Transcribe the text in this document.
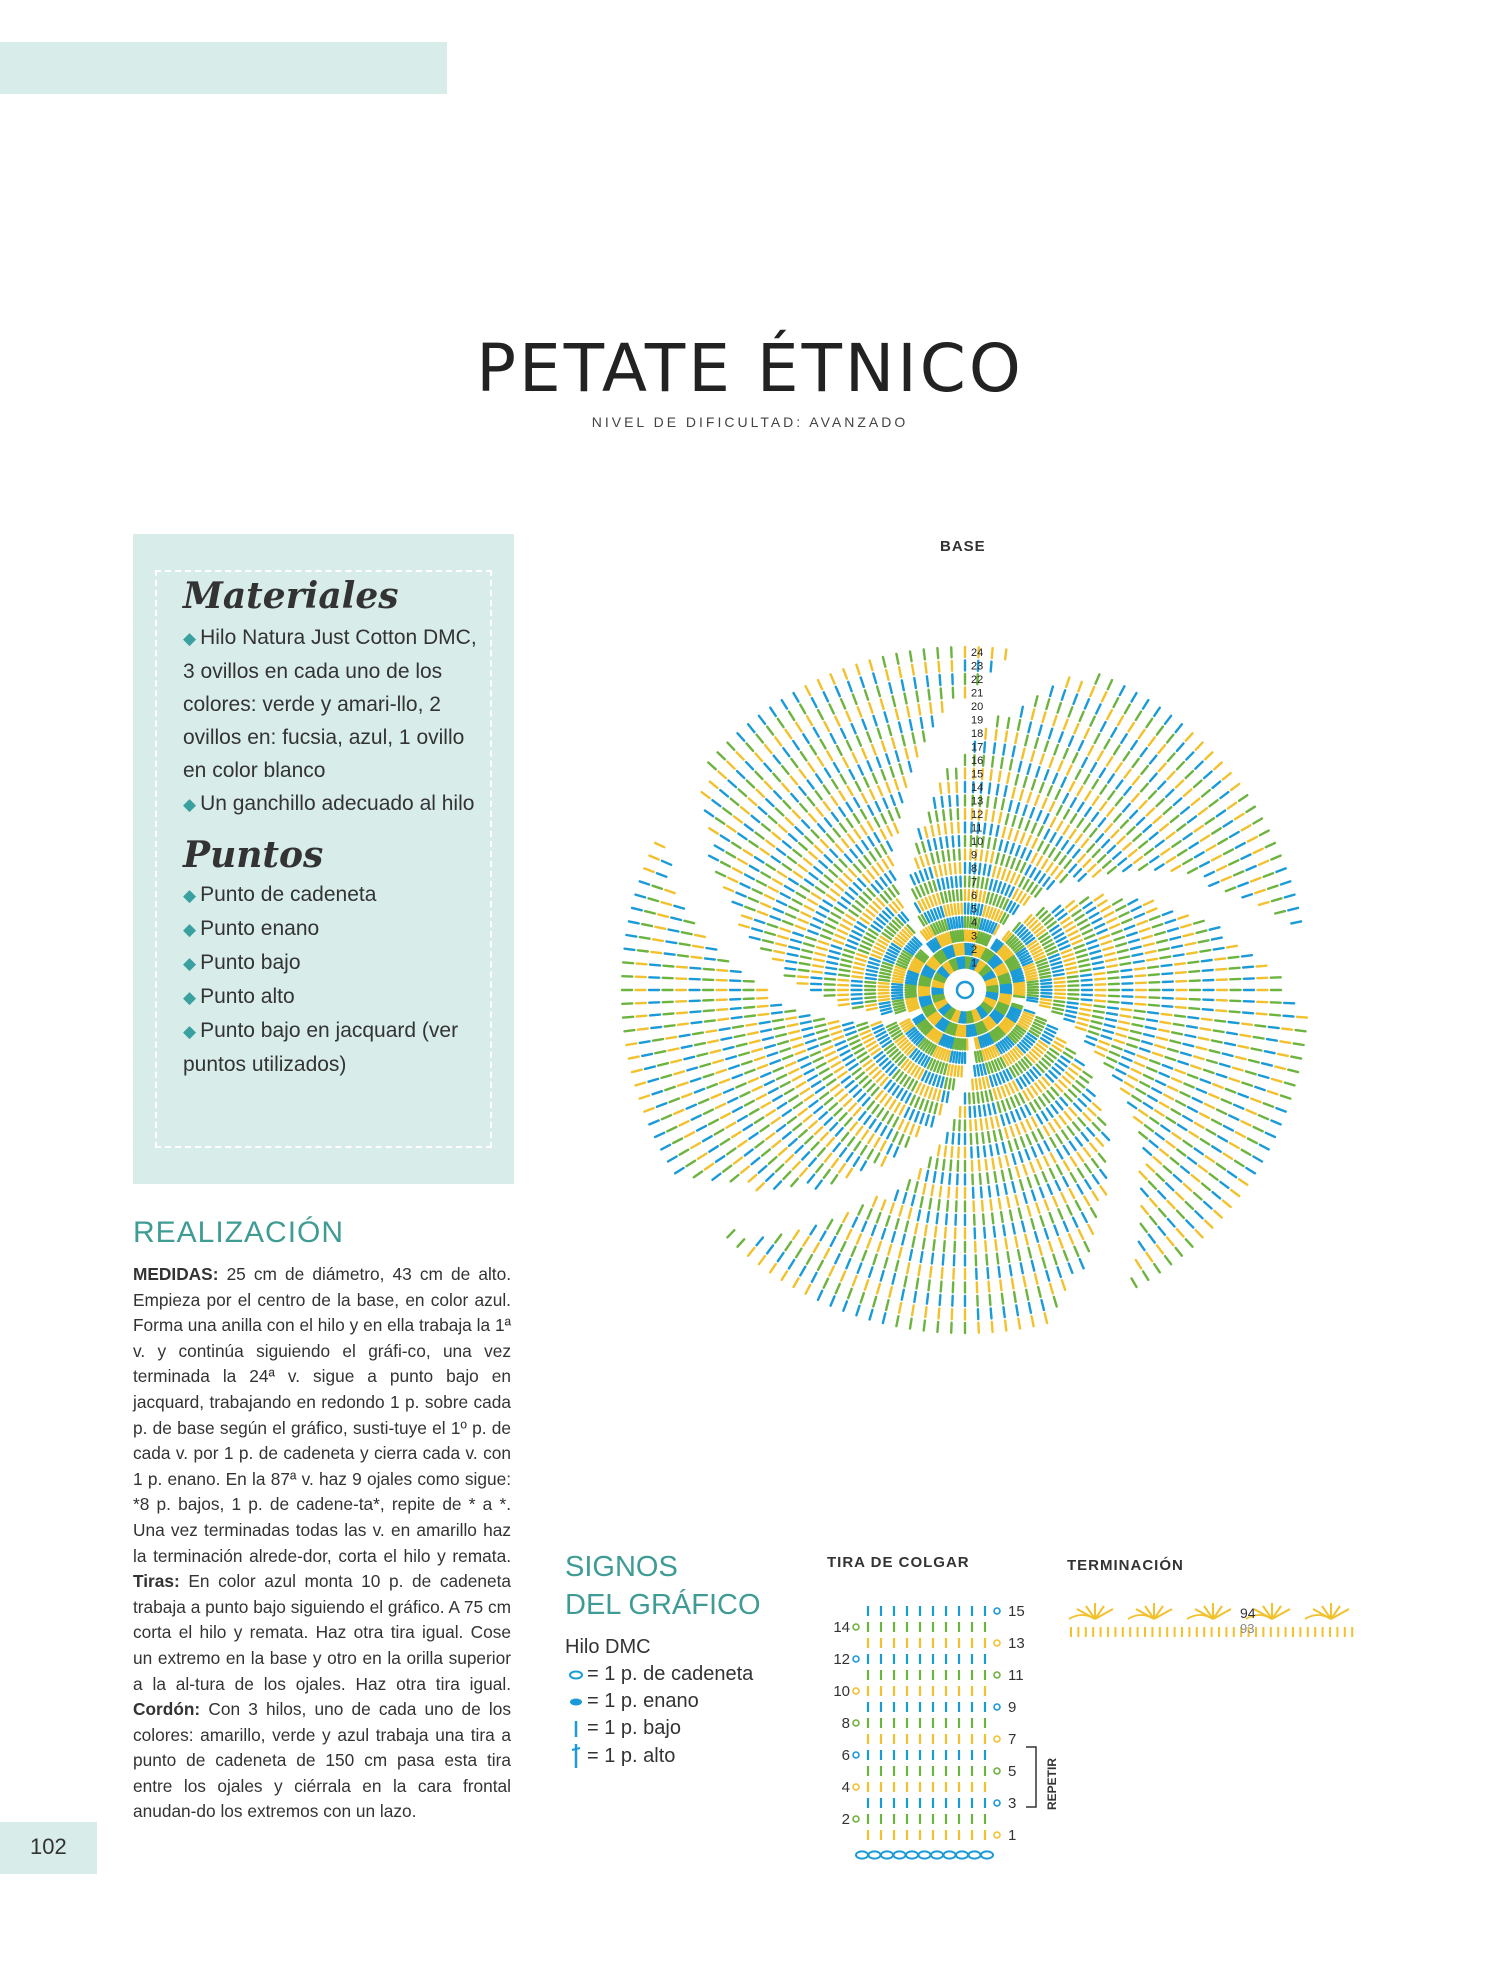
PETATE ÉTNICO
NIVEL DE DIFICULTAD: AVANZADO
Materiales
◆ Hilo Natura Just Cotton DMC, 3 ovillos en cada uno de los colores: verde y amari-llo, 2 ovillos en: fucsia, azul, 1 ovillo en color blanco
◆ Un ganchillo adecuado al hilo
Puntos
◆ Punto de cadeneta
◆ Punto enano
◆ Punto bajo
◆ Punto alto
◆ Punto bajo en jacquard (ver puntos utilizados)
REALIZACIÓN
MEDIDAS: 25 cm de diámetro, 43 cm de alto. Empieza por el centro de la base, en color azul. Forma una anilla con el hilo y en ella trabaja la 1ª v. y continúa siguiendo el gráfi-co, una vez terminada la 24ª v. sigue a punto bajo en jacquard, trabajando en redondo 1 p. sobre cada p. de base según el gráfico, susti-tuye el 1º p. de cada v. por 1 p. de cadeneta y cierra cada v. con 1 p. enano. En la 87ª v. haz 9 ojales como sigue: *8 p. bajos, 1 p. de cadene-ta*, repite de * a *. Una vez terminadas todas las v. en amarillo haz la terminación alrede-dor, corta el hilo y remata. Tiras: En color azul monta 10 p. de cadeneta trabaja a punto bajo siguiendo el gráfico. A 75 cm corta el hilo y remata. Haz otra tira igual. Cose un extremo en la base y otro en la orilla superior a la al-tura de los ojales. Haz otra tira igual. Cordón: Con 3 hilos, uno de cada uno de los colores: amarillo, verde y azul trabaja una tira a punto de cadeneta de 150 cm pasa esta tira entre los ojales y ciérrala en la cara frontal anudan-do los extremos con un lazo.
102
BASE
24
23
22
21
20
19
18
17
16
15
14
13
12
11
10
9
8
7
6
5
4
3
2
1
SIGNOS
DEL GRÁFICO
Hilo DMC
= 1 p. de cadeneta
= 1 p. enano
= 1 p. bajo
= 1 p. alto
TIRA DE COLGAR
14
12
10
8
6
4
2
15
13
11
9
7
5
3
1
REPETIR
TERMINACIÓN
94
93
